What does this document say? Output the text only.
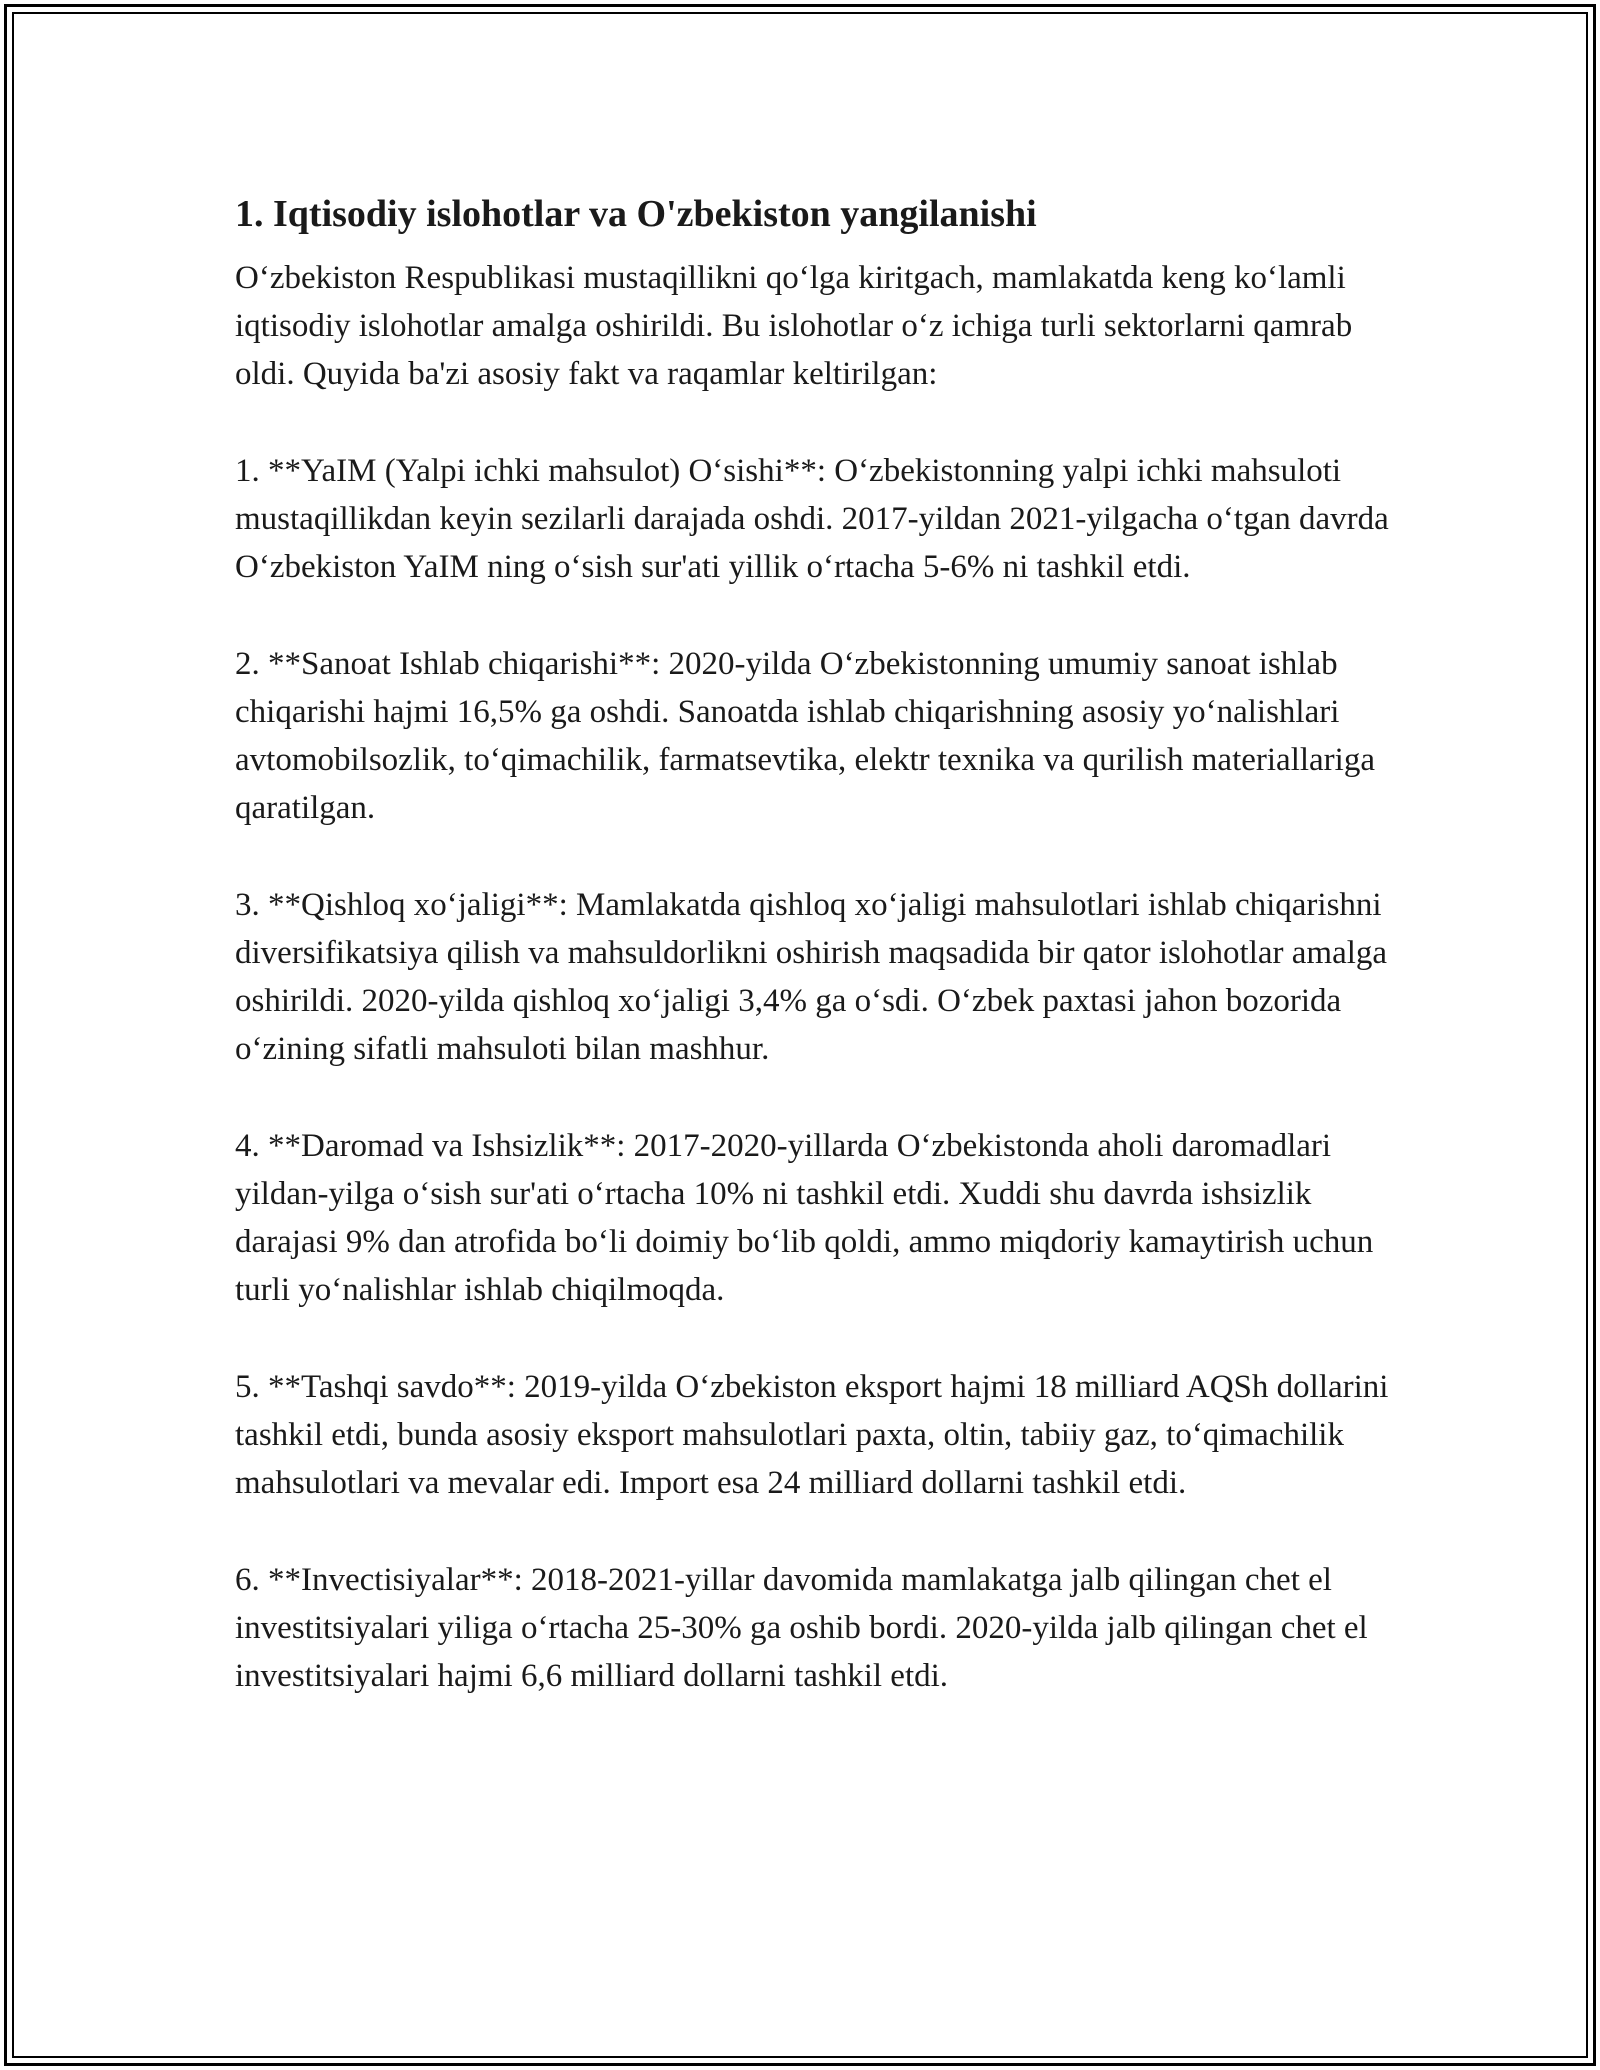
1. Iqtisodiy islohotlar va O'zbekiston yangilanishi

O‘zbekiston Respublikasi mustaqillikni qo‘lga kiritgach, mamlakatda keng ko‘lamli iqtisodiy islohotlar amalga oshirildi. Bu islohotlar o‘z ichiga turli sektorlarni qamrab oldi. Quyida ba'zi asosiy fakt va raqamlar keltirilgan:

1. **YaIM (Yalpi ichki mahsulot) O‘sishi**: O‘zbekistonning yalpi ichki mahsuloti mustaqillikdan keyin sezilarli darajada oshdi. 2017-yildan 2021-yilgacha o‘tgan davrda O‘zbekiston YaIM ning o‘sish sur'ati yillik o‘rtacha 5-6% ni tashkil etdi.

2. **Sanoat Ishlab chiqarishi**: 2020-yilda O‘zbekistonning umumiy sanoat ishlab chiqarishi hajmi 16,5% ga oshdi. Sanoatda ishlab chiqarishning asosiy yo‘nalishlari avtomobilsozlik, to‘qimachilik, farmatsevtika, elektr texnika va qurilish materiallariga qaratilgan.

3. **Qishloq xo‘jaligi**: Mamlakatda qishloq xo‘jaligi mahsulotlari ishlab chiqarishni diversifikatsiya qilish va mahsuldorlikni oshirish maqsadida bir qator islohotlar amalga oshirildi. 2020-yilda qishloq xo‘jaligi 3,4% ga o‘sdi. O‘zbek paxtasi jahon bozorida o‘zining sifatli mahsuloti bilan mashhur.

4. **Daromad va Ishsizlik**: 2017-2020-yillarda O‘zbekistonda aholi daromadlari yildan-yilga o‘sish sur'ati o‘rtacha 10% ni tashkil etdi. Xuddi shu davrda ishsizlik darajasi 9% dan atrofida bo‘li doimiy bo‘lib qoldi, ammo miqdoriy kamaytirish uchun turli yo‘nalishlar ishlab chiqilmoqda.

5. **Tashqi savdo**: 2019-yilda O‘zbekiston eksport hajmi 18 milliard AQSh dollarini tashkil etdi, bunda asosiy eksport mahsulotlari paxta, oltin, tabiiy gaz, to‘qimachilik mahsulotlari va mevalar edi. Import esa 24 milliard dollarni tashkil etdi.

6. **Invectisiyalar**: 2018-2021-yillar davomida mamlakatga jalb qilingan chet el investitsiyalari yiliga o‘rtacha 25-30% ga oshib bordi. 2020-yilda jalb qilingan chet el investitsiyalari hajmi 6,6 milliard dollarni tashkil etdi.
